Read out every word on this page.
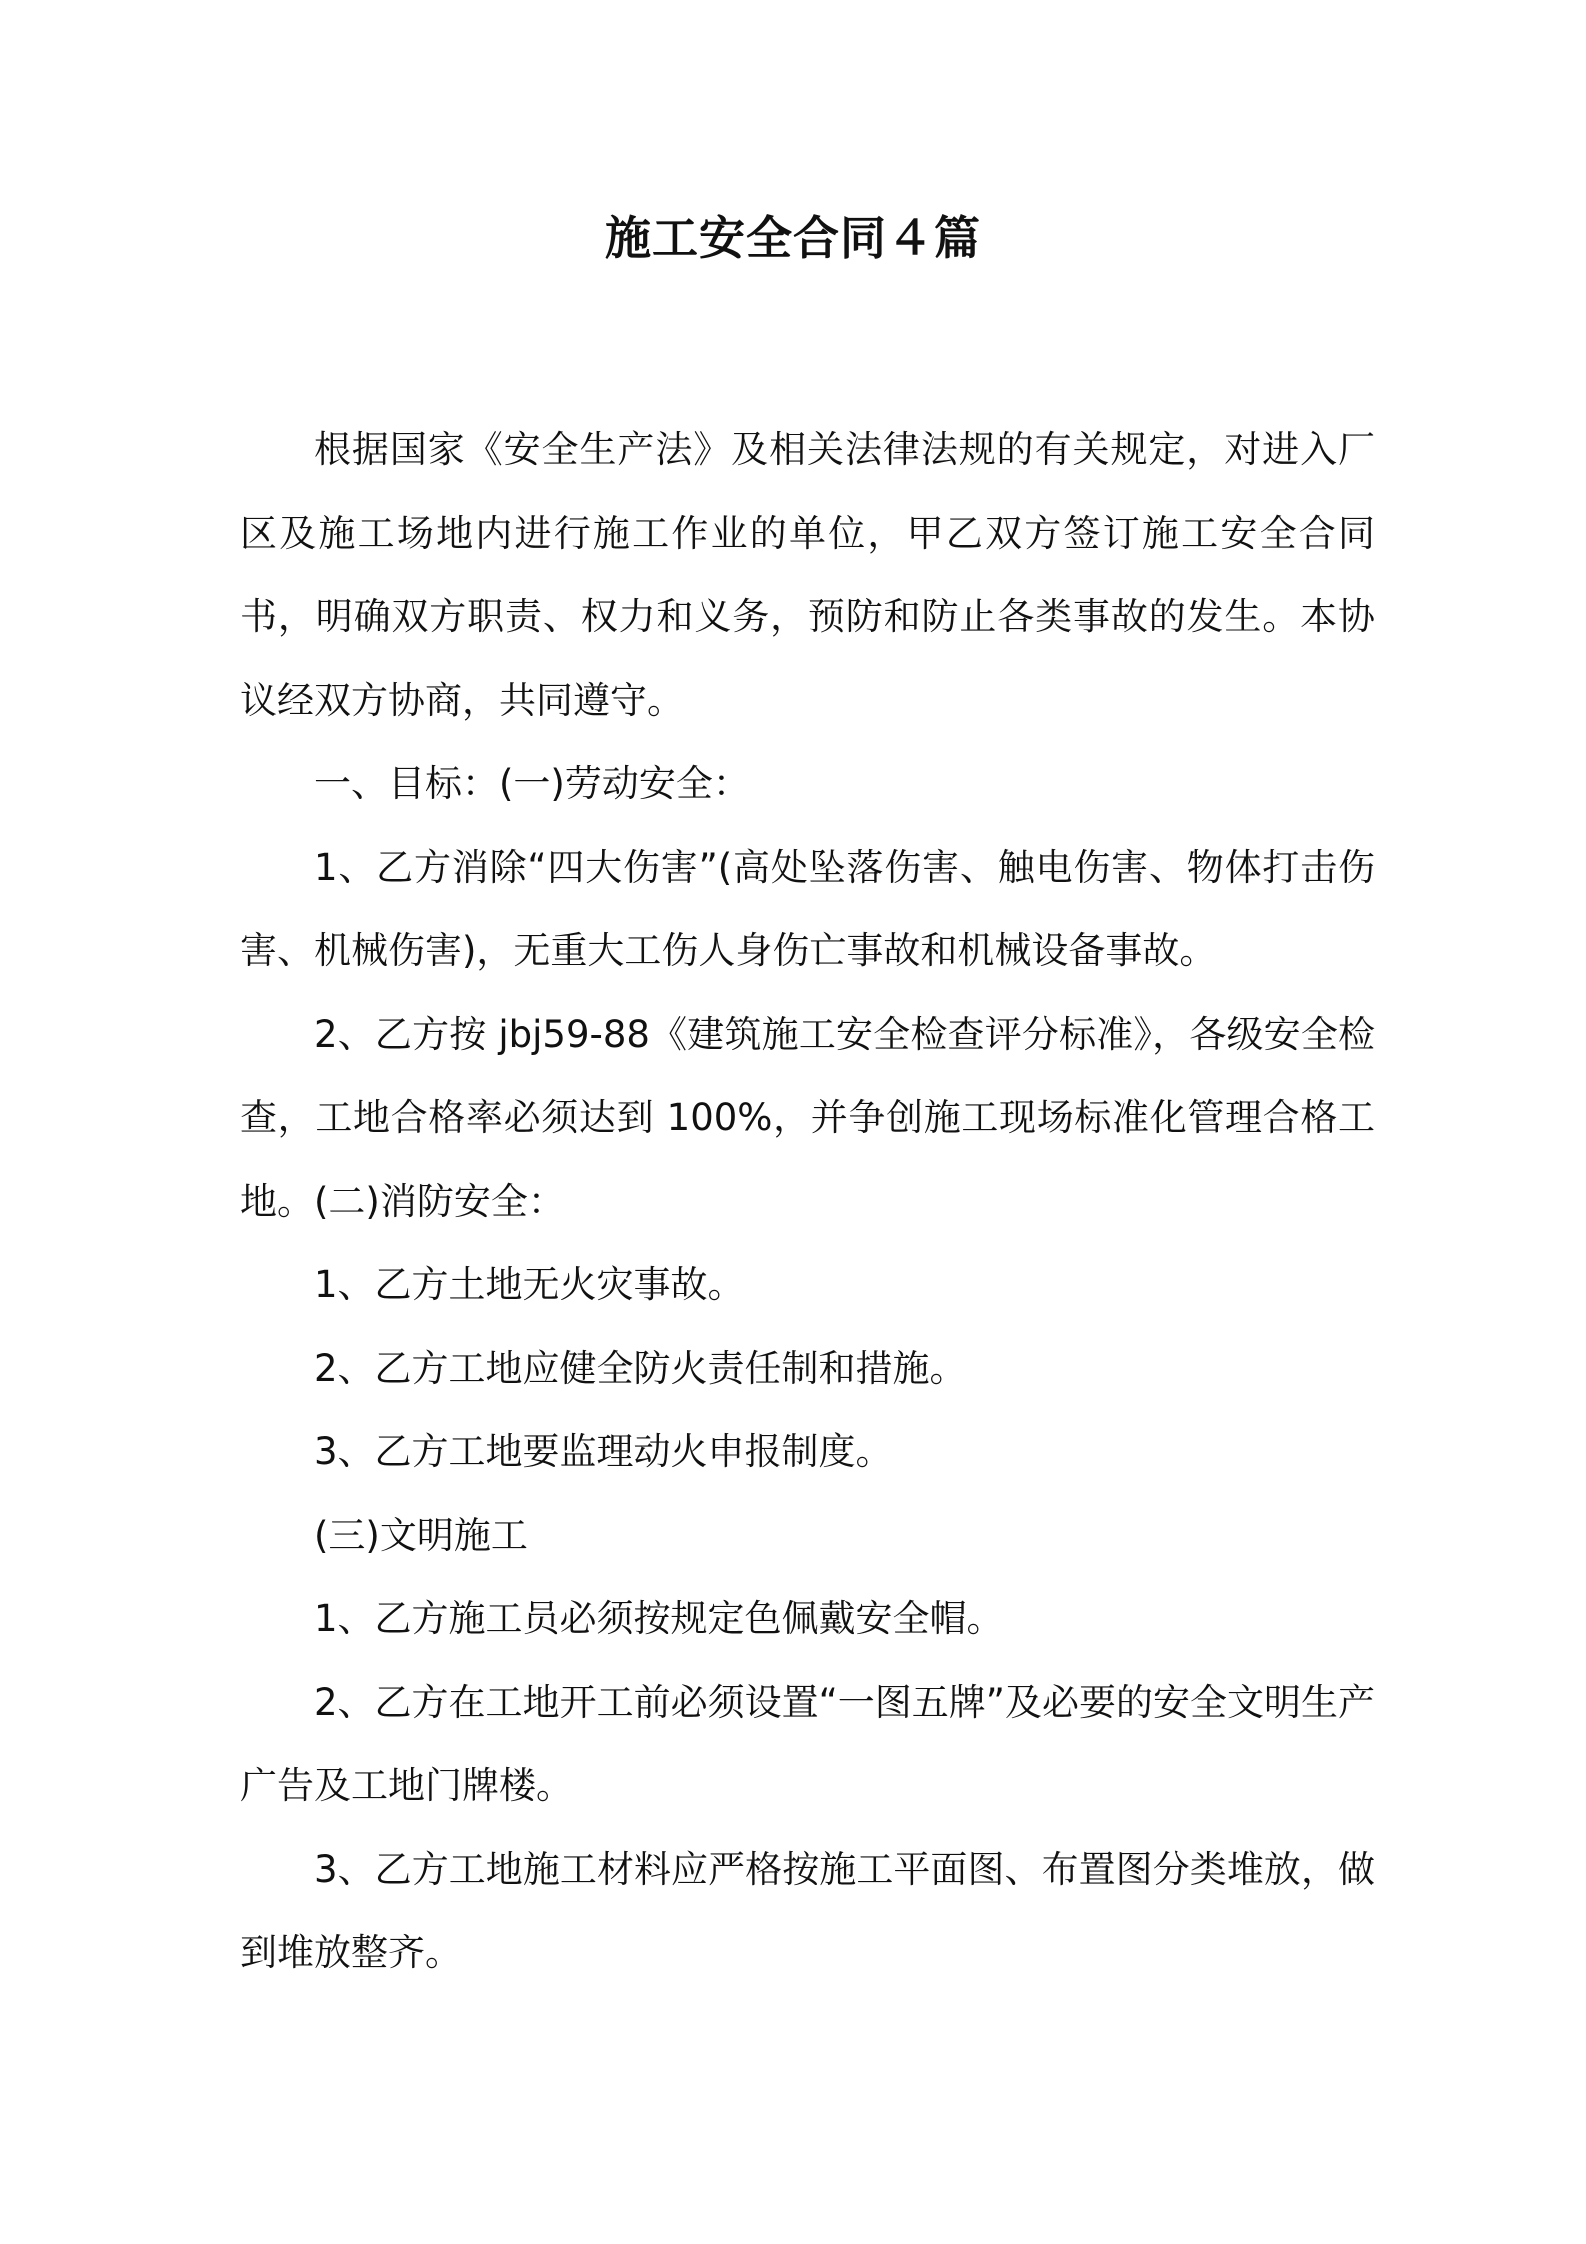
施工安全合同４篇

根据国家《安全生产法》及相关法律法规的有关规定，对进入厂区及施工场地内进行施工作业的单位，甲乙双方签订施工安全合同书，明确双方职责、权力和义务，预防和防止各类事故的发生。本协议经双方协商，共同遵守。

一、目标：(一)劳动安全：

1、乙方消除“四大伤害”(高处坠落伤害、触电伤害、物体打击伤害、机械伤害)，无重大工伤人身伤亡事故和机械设备事故。

2、乙方按 jbj59-88《建筑施工安全检查评分标准》，各级安全检查，工地合格率必须达到 100%，并争创施工现场标准化管理合格工地。(二)消防安全：

1、乙方土地无火灾事故。

2、乙方工地应健全防火责任制和措施。

3、乙方工地要监理动火申报制度。

(三)文明施工

1、乙方施工员必须按规定色佩戴安全帽。

2、乙方在工地开工前必须设置“一图五牌”及必要的安全文明生产广告及工地门牌楼。

3、乙方工地施工材料应严格按施工平面图、布置图分类堆放，做到堆放整齐。
